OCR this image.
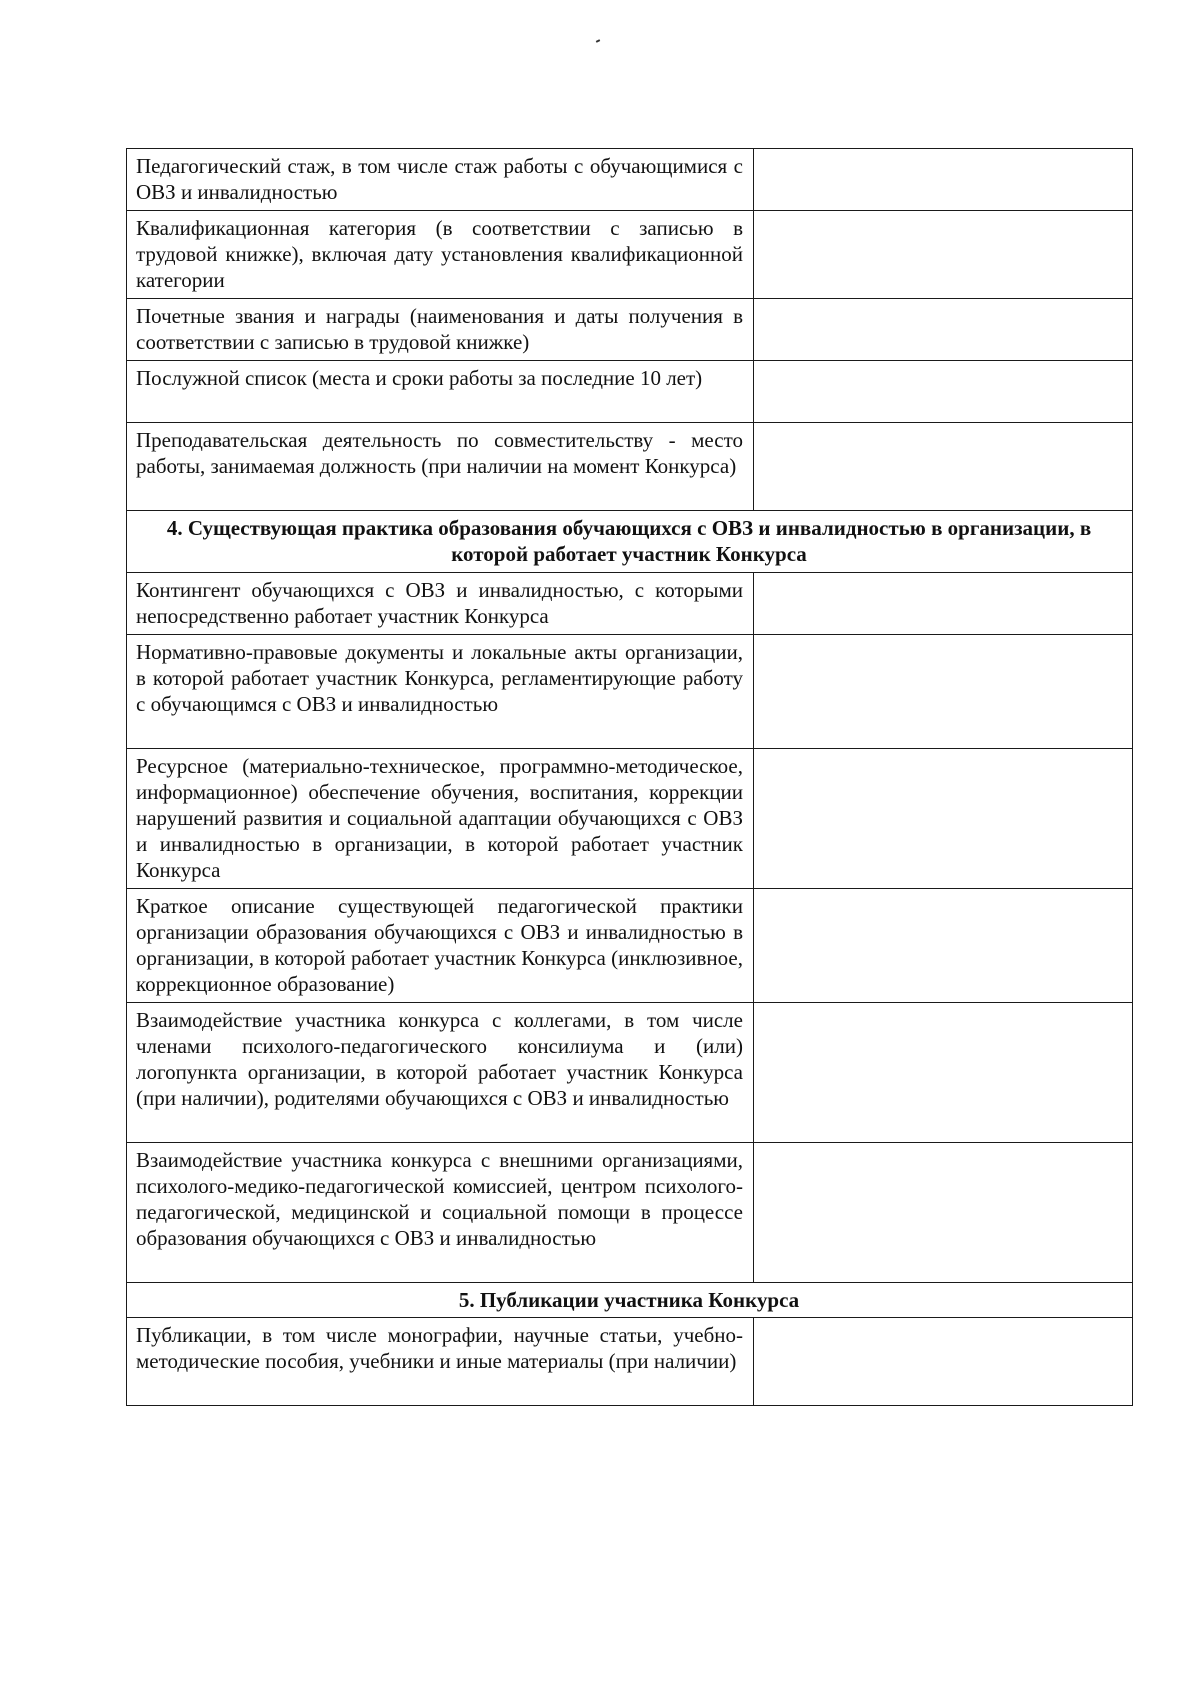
Педагогический стаж, в том числе стаж работы с обучающимися с ОВЗ и инвалидностью	
Квалификационная категория (в соответствии с записью в трудовой книжке), включая дату установления квалификационной категории	
Почетные звания и награды (наименования и даты получения в соответствии с записью в трудовой книжке)	
Послужной список (места и сроки работы за последние 10 лет)	
Преподавательская деятельность по совместительству - место работы, занимаемая должность (при наличии на момент Конкурса)	
4. Существующая практика образования обучающихся с ОВЗ и инвалидностью в организации, в которой работает участник Конкурса	
Контингент обучающихся с ОВЗ и инвалидностью, с которыми непосредственно работает участник Конкурса	
Нормативно-правовые документы и локальные акты организации, в которой работает участник Конкурса, регламентирующие работу с обучающимся с ОВЗ и инвалидностью	
Ресурсное (материально-техническое, программно-методическое, информационное) обеспечение обучения, воспитания, коррекции нарушений развития и социальной адаптации обучающихся с ОВЗ и инвалидностью в организации, в которой работает участник Конкурса	
Краткое описание существующей педагогической практики организации образования обучающихся с ОВЗ и инвалидностью в организации, в которой работает участник Конкурса (инклюзивное, коррекционное образование)	
Взаимодействие участника конкурса с коллегами, в том числе членами психолого-педагогического консилиума и (или) логопункта организации, в которой работает участник Конкурса (при наличии), родителями обучающихся с ОВЗ и инвалидностью	
Взаимодействие участника конкурса с внешними организациями, психолого-медико-педагогической комиссией, центром психолого-педагогической, медицинской и социальной помощи в процессе образования обучающихся с ОВЗ и инвалидностью	
5. Публикации участника Конкурса	
Публикации, в том числе монографии, научные статьи, учебно-методические пособия, учебники и иные материалы (при наличии)	
